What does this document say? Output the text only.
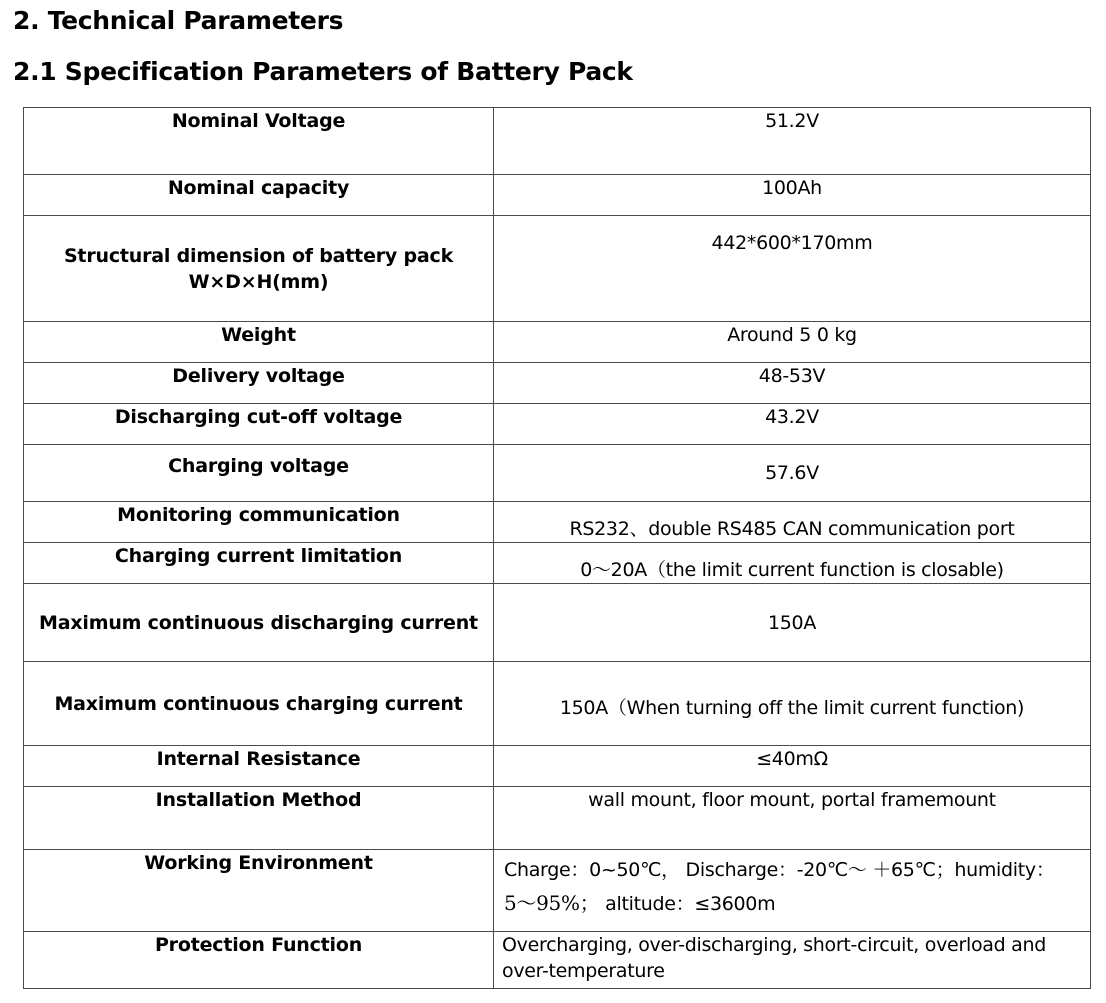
2. Technical Parameters
2.1 Specification Parameters of Battery Pack
Nominal Voltage	51.2V
Nominal capacity	100Ah

Structural dimension of battery pack
W×D×H(mm)	442*600*170mm
Weight	Around 5 0 kg
Delivery voltage	48-53V
Discharging cut-off voltage	43.2V
Charging voltage	57.6V
Monitoring communication	RS232、double RS485 CAN communication port
Charging current limitation	0～20A（the limit current function is closable)
Maximum continuous discharging current	150A
Maximum continuous charging current	150A（When turning off the limit current function)
Internal Resistance	≤40mΩ
Installation Method	wall mount, floor mount, portal framemount
Working Environment	Charge：0~50℃， Discharge：-20℃～ ＋65℃；humidity：
5～95%； altitude：≤3600m

Protection Function	Overcharging, over-discharging, short-circuit, overload and over-temperature
